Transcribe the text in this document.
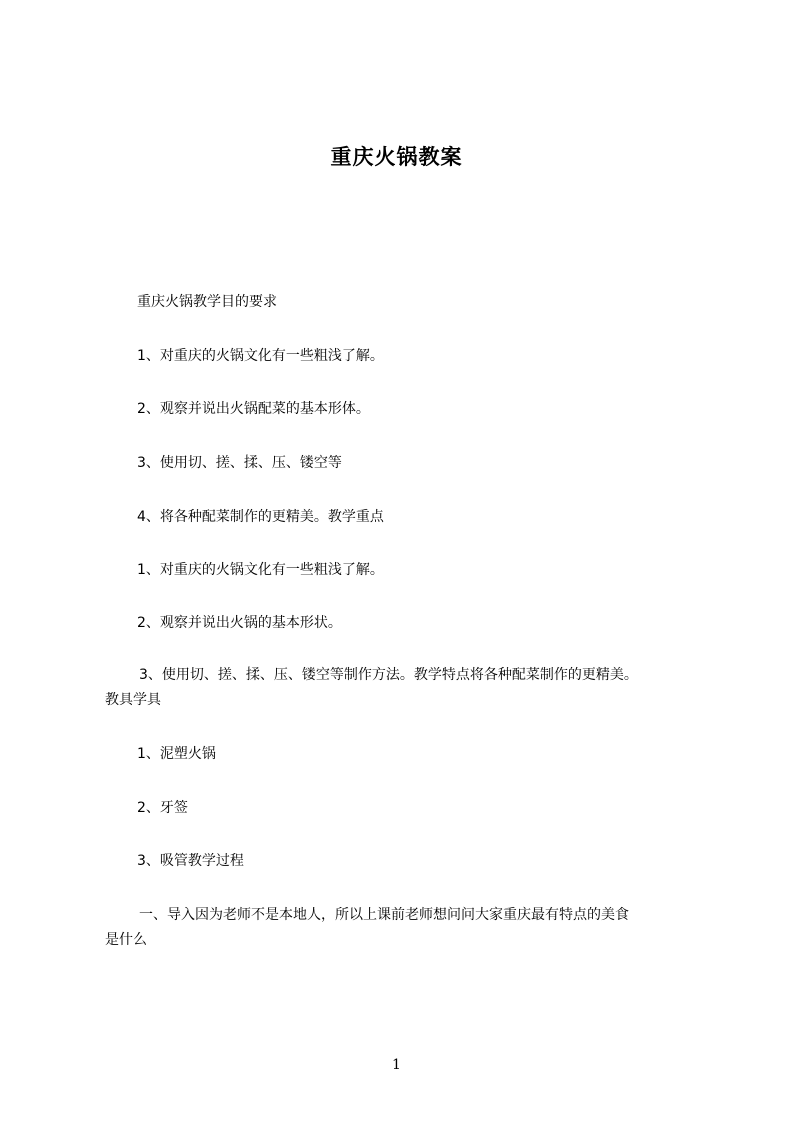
重庆火锅教案
重庆火锅教学目的要求
1、对重庆的火锅文化有一些粗浅了解。
2、观察并说出火锅配菜的基本形体。
3、使用切、搓、揉、压、镂空等
4、将各种配菜制作的更精美。教学重点
1、对重庆的火锅文化有一些粗浅了解。
2、观察并说出火锅的基本形状。
3、使用切、搓、揉、压、镂空等制作方法。教学特点将各种配菜制作的更精美。
教具学具
1、泥塑火锅
2、牙签
3、吸管教学过程
一、导入因为老师不是本地人，所以上课前老师想问问大家重庆最有特点的美食
是什么
1
